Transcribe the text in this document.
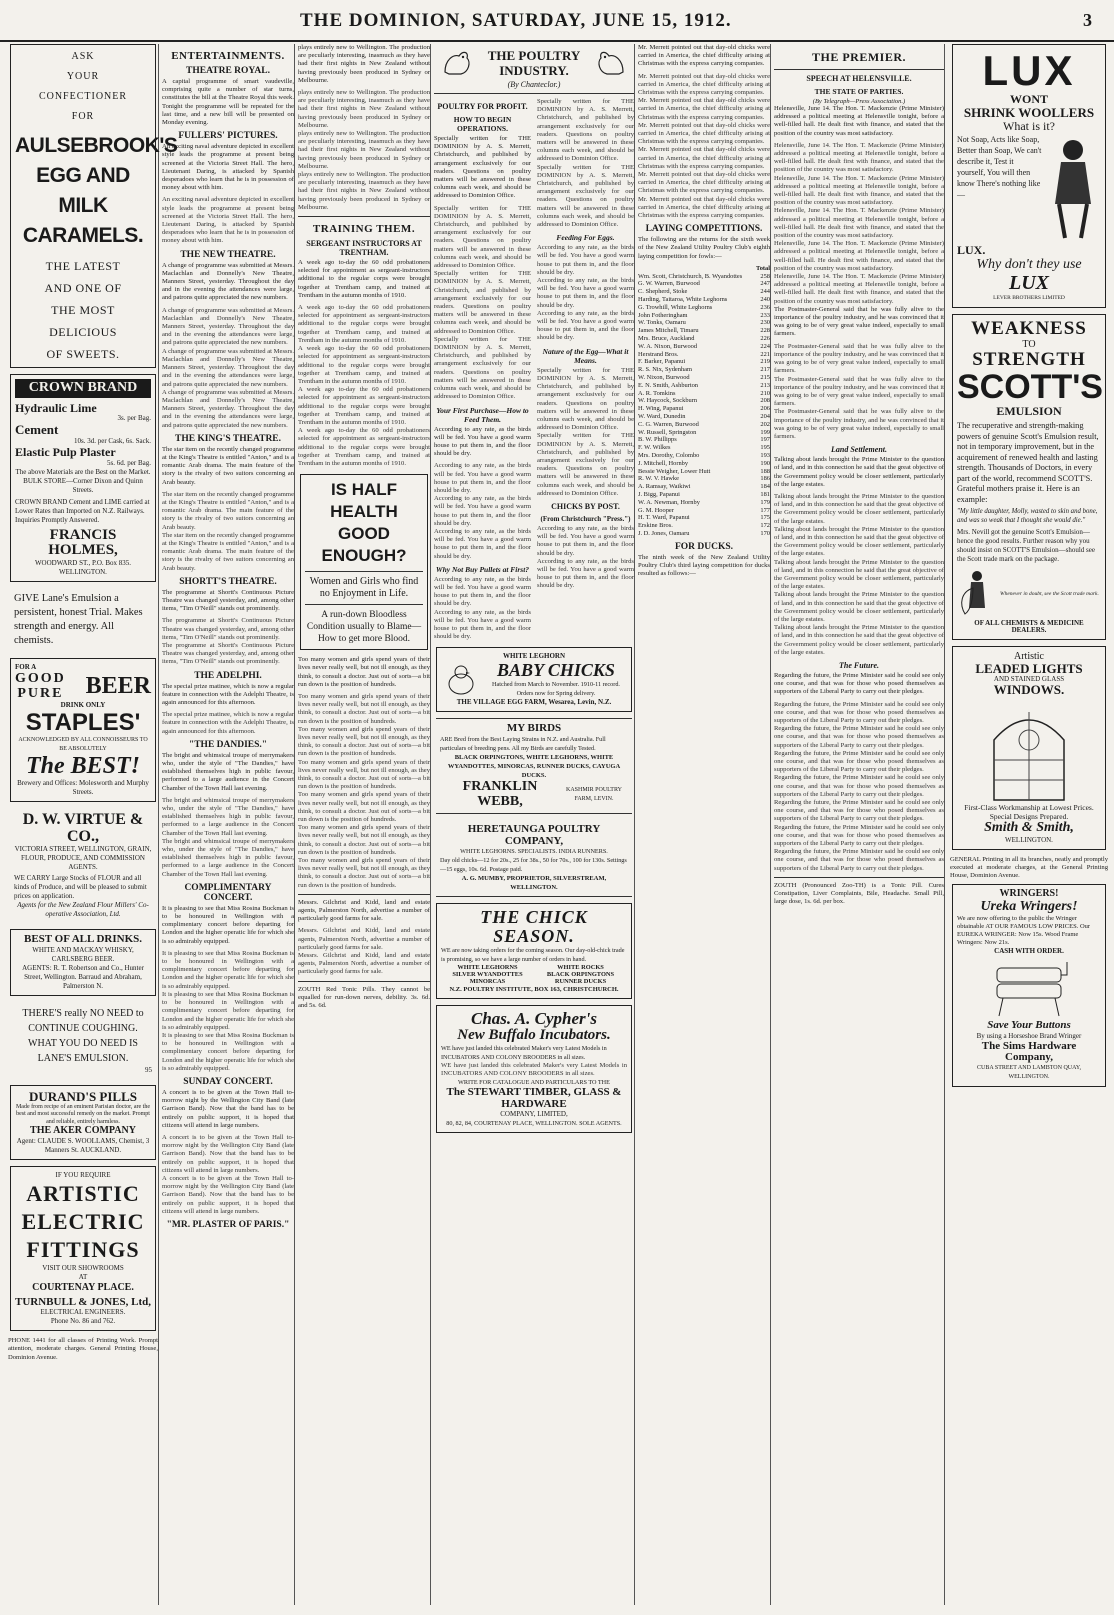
THE DOMINION, SATURDAY, JUNE 15, 1912.	3
ASK
YOUR
CONFECTIONER
FOR
AULSEBROOK'S
EGG AND MILK
CARAMELS.
THE LATEST
AND ONE OF
THE MOST
DELICIOUS
OF SWEETS.
CROWN BRAND
Hydraulic Lime
3s. per Bag.
Cement
10s. 3d. per Cask, 6s. Sack.
Elastic Pulp Plaster
5s. 6d. per Bag.
The above Materials are the Best on the Market.
BULK STORE—Corner Dixon and Quinn Streets.
CROWN BRAND Cement and LIME carried at Lower Rates than Imported on N.Z. Railways. Inquiries Promptly Answered.
FRANCIS HOLMES,
WOODWARD ST., P.O. Box 835. WELLINGTON.
GIVE Lane's Emulsion a persistent, honest Trial. Makes strength and energy. All chemists.
FOR A
GOOD
PURE BEER
DRINK ONLY
STAPLES'
ACKNOWLEDGED BY ALL CONNOISSEURS TO BE ABSOLUTELY
The BEST!
Brewery and Offices: Molesworth and Murphy Streets.
D. W. VIRTUE & CO.,
VICTORIA STREET, WELLINGTON, GRAIN, FLOUR, PRODUCE, AND COMMISSION AGENTS.
WE CARRY Large Stocks of FLOUR and all kinds of Produce, and will be pleased to submit prices on application.
Agents for the New Zealand Flour Millers' Co-operative Association, Ltd.
BEST OF ALL DRINKS.
WHITE AND MACKAY WHISKY,
CARLSBERG BEER.
AGENTS: R. T. Robertson and Co., Hunter Street, Wellington. Barraud and Abraham, Palmerston N.
THERE'S really NO NEED to
CONTINUE COUGHING.
WHAT YOU DO NEED IS
LANE'S EMULSION.
95
DURAND'S PILLS
Made from recipe of an eminent Parisian doctor, are the best and most successful remedy on the market. Prompt and reliable, entirely harmless.
THE AKER COMPANY
Agent: CLAUDE S. WOOLLAMS, Chemist, 3 Manners St. AUCKLAND.
IF YOU REQUIRE
ARTISTIC
ELECTRIC
FITTINGS
VISIT OUR SHOWROOMS
AT
COURTENAY PLACE.
TURNBULL & JONES, Ltd,
ELECTRICAL ENGINEERS.
Phone No. 86 and 762.
PHONE 1441 for all classes of Printing Work. Prompt attention, moderate charges. General Printing House, Dominion Avenue.
ENTERTAINMENTS.
THEATRE ROYAL.
A capital programme of smart vaudeville, comprising quite a number of star turns, constitutes the bill at the Theatre Royal this week. Tonight the programme will be repeated for the last time, and a new bill will be presented on Monday evening.
FULLERS' PICTURES.
An exciting naval adventure depicted in excellent style leads the programme at present being screened at the Victoria Street Hall. The hero, Lieutenant Daring, is attacked by Spanish desperadoes who learn that he is in possession of money about with him.
An exciting naval adventure depicted in excellent style leads the programme at present being screened at the Victoria Street Hall. The hero, Lieutenant Daring, is attacked by Spanish desperadoes who learn that he is in possession of money about with him.
THE NEW THEATRE.
A change of programme was submitted at Messrs. Maclachlan and Donnelly's New Theatre, Manners Street, yesterday. Throughout the day and in the evening the attendances were large, and patrons quite appreciated the new numbers.
A change of programme was submitted at Messrs. Maclachlan and Donnelly's New Theatre, Manners Street, yesterday. Throughout the day and in the evening the attendances were large, and patrons quite appreciated the new numbers.
A change of programme was submitted at Messrs. Maclachlan and Donnelly's New Theatre, Manners Street, yesterday. Throughout the day and in the evening the attendances were large, and patrons quite appreciated the new numbers.
A change of programme was submitted at Messrs. Maclachlan and Donnelly's New Theatre, Manners Street, yesterday. Throughout the day and in the evening the attendances were large, and patrons quite appreciated the new numbers.
THE KING'S THEATRE.
The star item on the recently changed programme at the King's Theatre is entitled "Anton," and is a romantic Arab drama. The main feature of the story is the rivalry of two suitors concerning an Arab beauty.
The star item on the recently changed programme at the King's Theatre is entitled "Anton," and is a romantic Arab drama. The main feature of the story is the rivalry of two suitors concerning an Arab beauty.
The star item on the recently changed programme at the King's Theatre is entitled "Anton," and is a romantic Arab drama. The main feature of the story is the rivalry of two suitors concerning an Arab beauty.
SHORTT'S THEATRE.
The programme at Shortt's Continuous Picture Theatre was changed yesterday, and, among other items, "Tim O'Neill" stands out prominently.
The programme at Shortt's Continuous Picture Theatre was changed yesterday, and, among other items, "Tim O'Neill" stands out prominently.
The programme at Shortt's Continuous Picture Theatre was changed yesterday, and, among other items, "Tim O'Neill" stands out prominently.
THE ADELPHI.
The special prize matinee, which is now a regular feature in connection with the Adelphi Theatre, is again announced for this afternoon.
The special prize matinee, which is now a regular feature in connection with the Adelphi Theatre, is again announced for this afternoon.
"THE DANDIES."
The bright and whimsical troupe of merrymakers who, under the style of "The Dandies," have established themselves high in public favour, performed to a large audience in the Concert Chamber of the Town Hall last evening.
The bright and whimsical troupe of merrymakers who, under the style of "The Dandies," have established themselves high in public favour, performed to a large audience in the Concert Chamber of the Town Hall last evening.
The bright and whimsical troupe of merrymakers who, under the style of "The Dandies," have established themselves high in public favour, performed to a large audience in the Concert Chamber of the Town Hall last evening.
COMPLIMENTARY CONCERT.
It is pleasing to see that Miss Rosina Buckman is to be honoured in Wellington with a complimentary concert before departing for London and the higher operatic life for which she is so admirably equipped.
It is pleasing to see that Miss Rosina Buckman is to be honoured in Wellington with a complimentary concert before departing for London and the higher operatic life for which she is so admirably equipped.
It is pleasing to see that Miss Rosina Buckman is to be honoured in Wellington with a complimentary concert before departing for London and the higher operatic life for which she is so admirably equipped.
It is pleasing to see that Miss Rosina Buckman is to be honoured in Wellington with a complimentary concert before departing for London and the higher operatic life for which she is so admirably equipped.
SUNDAY CONCERT.
A concert is to be given at the Town Hall to-morrow night by the Wellington City Band (late Garrison Band). Now that the band has to be entirely on public support, it is hoped that citizens will attend in large numbers.
A concert is to be given at the Town Hall to-morrow night by the Wellington City Band (late Garrison Band). Now that the band has to be entirely on public support, it is hoped that citizens will attend in large numbers.
A concert is to be given at the Town Hall to-morrow night by the Wellington City Band (late Garrison Band). Now that the band has to be entirely on public support, it is hoped that citizens will attend in large numbers.
"MR. PLASTER OF PARIS."
plays entirely new to Wellington. The production are peculiarly interesting, inasmuch as they have had their first nights in New Zealand without having previously been produced in Sydney or Melbourne.
plays entirely new to Wellington. The production are peculiarly interesting, inasmuch as they have had their first nights in New Zealand without having previously been produced in Sydney or Melbourne.
plays entirely new to Wellington. The production are peculiarly interesting, inasmuch as they have had their first nights in New Zealand without having previously been produced in Sydney or Melbourne.
plays entirely new to Wellington. The production are peculiarly interesting, inasmuch as they have had their first nights in New Zealand without having previously been produced in Sydney or Melbourne.
TRAINING THEM.
SERGEANT INSTRUCTORS AT TRENTHAM.
A week ago to-day the 60 odd probationers selected for appointment as sergeant-instructors additional to the regular corps were brought together at Trentham camp, and trained at Trentham in the autumn months of 1910.
A week ago to-day the 60 odd probationers selected for appointment as sergeant-instructors additional to the regular corps were brought together at Trentham camp, and trained at Trentham in the autumn months of 1910.
A week ago to-day the 60 odd probationers selected for appointment as sergeant-instructors additional to the regular corps were brought together at Trentham camp, and trained at Trentham in the autumn months of 1910.
A week ago to-day the 60 odd probationers selected for appointment as sergeant-instructors additional to the regular corps were brought together at Trentham camp, and trained at Trentham in the autumn months of 1910.
A week ago to-day the 60 odd probationers selected for appointment as sergeant-instructors additional to the regular corps were brought together at Trentham camp, and trained at Trentham in the autumn months of 1910.
IS HALF HEALTH
GOOD ENOUGH?
Women and Girls who find no Enjoyment in Life.
A run-down Bloodless Condition usually to Blame—How to get more Blood.
Too many women and girls spend years of their lives never really well, but not ill enough, as they think, to consult a doctor. Just out of sorts—a bit run down is the position of hundreds.
Too many women and girls spend years of their lives never really well, but not ill enough, as they think, to consult a doctor. Just out of sorts—a bit run down is the position of hundreds.
Too many women and girls spend years of their lives never really well, but not ill enough, as they think, to consult a doctor. Just out of sorts—a bit run down is the position of hundreds.
Too many women and girls spend years of their lives never really well, but not ill enough, as they think, to consult a doctor. Just out of sorts—a bit run down is the position of hundreds.
Too many women and girls spend years of their lives never really well, but not ill enough, as they think, to consult a doctor. Just out of sorts—a bit run down is the position of hundreds.
Too many women and girls spend years of their lives never really well, but not ill enough, as they think, to consult a doctor. Just out of sorts—a bit run down is the position of hundreds.
Too many women and girls spend years of their lives never really well, but not ill enough, as they think, to consult a doctor. Just out of sorts—a bit run down is the position of hundreds.
Messrs. Gilchrist and Kidd, land and estate agents, Palmerston North, advertise a number of particularly good farms for sale.
Messrs. Gilchrist and Kidd, land and estate agents, Palmerston North, advertise a number of particularly good farms for sale.
Messrs. Gilchrist and Kidd, land and estate agents, Palmerston North, advertise a number of particularly good farms for sale.
ZOUTH Red Tonic Pills. They cannot be equalled for run-down nerves, debility. 3s. 6d. and 5s. 6d.
THE POULTRY INDUSTRY.
(By Chanteclor.)
POULTRY FOR PROFIT.
HOW TO BEGIN OPERATIONS.
Specially written for THE DOMINION by A. S. Merrett, Christchurch, and published by arrangement exclusively for our readers. Questions on poultry matters will be answered in these columns each week, and should be addressed to Dominion Office.
Specially written for THE DOMINION by A. S. Merrett, Christchurch, and published by arrangement exclusively for our readers. Questions on poultry matters will be answered in these columns each week, and should be addressed to Dominion Office.
Specially written for THE DOMINION by A. S. Merrett, Christchurch, and published by arrangement exclusively for our readers. Questions on poultry matters will be answered in these columns each week, and should be addressed to Dominion Office.
Specially written for THE DOMINION by A. S. Merrett, Christchurch, and published by arrangement exclusively for our readers. Questions on poultry matters will be answered in these columns each week, and should be addressed to Dominion Office.
Your First Purchase—How to Feed Them.
According to any rate, as the birds will be fed. You have a good warm house to put them in, and the floor should be dry.
According to any rate, as the birds will be fed. You have a good warm house to put them in, and the floor should be dry.
According to any rate, as the birds will be fed. You have a good warm house to put them in, and the floor should be dry.
According to any rate, as the birds will be fed. You have a good warm house to put them in, and the floor should be dry.
Why Not Buy Pullets at First?
According to any rate, as the birds will be fed. You have a good warm house to put them in, and the floor should be dry.
According to any rate, as the birds will be fed. You have a good warm house to put them in, and the floor should be dry.
Specially written for THE DOMINION by A. S. Merrett, Christchurch, and published by arrangement exclusively for our readers. Questions on poultry matters will be answered in these columns each week, and should be addressed to Dominion Office.
Specially written for THE DOMINION by A. S. Merrett, Christchurch, and published by arrangement exclusively for our readers. Questions on poultry matters will be answered in these columns each week, and should be addressed to Dominion Office.
Feeding For Eggs.
According to any rate, as the birds will be fed. You have a good warm house to put them in, and the floor should be dry.
According to any rate, as the birds will be fed. You have a good warm house to put them in, and the floor should be dry.
According to any rate, as the birds will be fed. You have a good warm house to put them in, and the floor should be dry.
Nature of the Egg—What it Means.
Specially written for THE DOMINION by A. S. Merrett, Christchurch, and published by arrangement exclusively for our readers. Questions on poultry matters will be answered in these columns each week, and should be addressed to Dominion Office.
Specially written for THE DOMINION by A. S. Merrett, Christchurch, and published by arrangement exclusively for our readers. Questions on poultry matters will be answered in these columns each week, and should be addressed to Dominion Office.
CHICKS BY POST.
(From Christchurch "Press.")
According to any rate, as the birds will be fed. You have a good warm house to put them in, and the floor should be dry.
According to any rate, as the birds will be fed. You have a good warm house to put them in, and the floor should be dry.
WHITE LEGHORN
BABY CHICKS
Hatched from March to November. 1910-11 record. Orders now for Spring delivery.
THE VILLAGE EGG FARM, Wesarea, Levin, N.Z.
MY BIRDS
ARE Bred from the Best Laying Strains in N.Z. and Australia. Full particulars of breeding pens. All my Birds are carefully Tested.
BLACK ORPINGTONS, WHITE LEGHORNS, WHITE WYANDOTTES, MINORCAS, RUNNER DUCKS, CAYUGA DUCKS.
FRANKLIN WEBB,
KASHMIR POULTRY FARM, LEVIN.
HERETAUNGA POULTRY COMPANY,
WHITE LEGHORNS. SPECIALISTS. INDIA RUNNERS.
Day old chicks—12 for 20s., 25 for 38s., 50 for 70s., 100 for 130s. Settings—15 eggs, 10s. 6d. Postage paid.
A. G. MUMBY, PROPRIETOR, SILVERSTREAM, WELLINGTON.
THE CHICK SEASON.
WE are now taking orders for the coming season. Our day-old-chick trade is promising, so we have a large number of orders in hand.
WHITE LEGHORNS	WHITE ROCKS
SILVER WYANDOTTES	BLACK ORPINGTONS
MINORCAS	RUNNER DUCKS
N.Z. POULTRY INSTITUTE, BOX 163, CHRISTCHURCH.
Chas. A. Cypher's
New Buffalo Incubators.
WE have just landed this celebrated Maker's very Latest Models in INCUBATORS AND COLONY BROODERS in all sizes.
WE have just landed this celebrated Maker's very Latest Models in INCUBATORS AND COLONY BROODERS in all sizes.
WRITE FOR CATALOGUE AND PARTICULARS TO THE
The STEWART TIMBER, GLASS & HARDWARE
COMPANY, LIMITED,
80, 82, 84, COURTENAY PLACE, WELLINGTON. SOLE AGENTS.
Mr. Merrett pointed out that day-old chicks were carried in America, the chief difficulty arising at Christmas with the express carrying companies.
Mr. Merrett pointed out that day-old chicks were carried in America, the chief difficulty arising at Christmas with the express carrying companies.
Mr. Merrett pointed out that day-old chicks were carried in America, the chief difficulty arising at Christmas with the express carrying companies.
Mr. Merrett pointed out that day-old chicks were carried in America, the chief difficulty arising at Christmas with the express carrying companies.
Mr. Merrett pointed out that day-old chicks were carried in America, the chief difficulty arising at Christmas with the express carrying companies.
Mr. Merrett pointed out that day-old chicks were carried in America, the chief difficulty arising at Christmas with the express carrying companies.
Mr. Merrett pointed out that day-old chicks were carried in America, the chief difficulty arising at Christmas with the express carrying companies.
LAYING COMPETITIONS.
The following are the returns for the sixth week of the New Zealand Utility Poultry Club's eighth laying competition for fowls:—
Total
Wm. Scott, Christchurch, B. Wyandottes	258
G. W. Warren, Burwood	247
C. Shepherd, Stoke	244
Harding, Taitaroa, White Leghorns	240
G. Trowhill, White Leghorns	236
John Fotheringham	233
W. Tonks, Oamaru	230
James Mitchell, Timaru	228
Mrs. Bruce, Auckland	226
W. A. Nixon, Burwood	224
Herstrand Bros.	221
F. Barker, Papanui	219
R. S. Nix, Sydenham	217
W. Nixon, Burwood	215
E. N. Smith, Ashburton	213
A. R. Tomkins	210
W. Haycock, Sockburn	208
H. Wing, Papanui	206
W. Ward, Dunedin	204
C. G. Warren, Burwood	202
W. Russell, Springston	199
B. W. Phillipps	197
F. W. Wilkes	195
Mrs. Dorothy, Colombo	193
J. Mitchell, Hornby	190
Bessie Weigher, Lower Hutt	188
R. W. V. Hawke	186
A. Ramsay, Waikiwi	184
J. Bigg, Papanui	181
W. A. Newman, Hornby	179
G. M. Hooper	177
H. T. Ward, Papanui	175
Erskine Bros.	172
J. D. Jones, Oamaru	170
FOR DUCKS.
The ninth week of the New Zealand Utility Poultry Club's third laying competition for ducks resulted as follows:—
THE PREMIER.
SPEECH AT HELENSVILLE.
THE STATE OF PARTIES.
(By Telegraph—Press Association.)
Helensville, June 14. The Hon. T. Mackenzie (Prime Minister) addressed a political meeting at Helensville tonight, before a well-filled hall. He dealt first with finance, and stated that the position of the country was most satisfactory.
Helensville, June 14. The Hon. T. Mackenzie (Prime Minister) addressed a political meeting at Helensville tonight, before a well-filled hall. He dealt first with finance, and stated that the position of the country was most satisfactory.
Helensville, June 14. The Hon. T. Mackenzie (Prime Minister) addressed a political meeting at Helensville tonight, before a well-filled hall. He dealt first with finance, and stated that the position of the country was most satisfactory.
Helensville, June 14. The Hon. T. Mackenzie (Prime Minister) addressed a political meeting at Helensville tonight, before a well-filled hall. He dealt first with finance, and stated that the position of the country was most satisfactory.
Helensville, June 14. The Hon. T. Mackenzie (Prime Minister) addressed a political meeting at Helensville tonight, before a well-filled hall. He dealt first with finance, and stated that the position of the country was most satisfactory.
Helensville, June 14. The Hon. T. Mackenzie (Prime Minister) addressed a political meeting at Helensville tonight, before a well-filled hall. He dealt first with finance, and stated that the position of the country was most satisfactory.
The Postmaster-General said that he was fully alive to the importance of the poultry industry, and he was convinced that it was going to be of very great value indeed, especially to small farmers.
The Postmaster-General said that he was fully alive to the importance of the poultry industry, and he was convinced that it was going to be of very great value indeed, especially to small farmers.
The Postmaster-General said that he was fully alive to the importance of the poultry industry, and he was convinced that it was going to be of very great value indeed, especially to small farmers.
The Postmaster-General said that he was fully alive to the importance of the poultry industry, and he was convinced that it was going to be of very great value indeed, especially to small farmers.
Land Settlement.
Talking about lands brought the Prime Minister to the question of land, and in this connection he said that the great objective of the Government policy would be closer settlement, particularly of the large estates.
Talking about lands brought the Prime Minister to the question of land, and in this connection he said that the great objective of the Government policy would be closer settlement, particularly of the large estates.
Talking about lands brought the Prime Minister to the question of land, and in this connection he said that the great objective of the Government policy would be closer settlement, particularly of the large estates.
Talking about lands brought the Prime Minister to the question of land, and in this connection he said that the great objective of the Government policy would be closer settlement, particularly of the large estates.
Talking about lands brought the Prime Minister to the question of land, and in this connection he said that the great objective of the Government policy would be closer settlement, particularly of the large estates.
Talking about lands brought the Prime Minister to the question of land, and in this connection he said that the great objective of the Government policy would be closer settlement, particularly of the large estates.
The Future.
Regarding the future, the Prime Minister said he could see only one course, and that was for those who posed themselves as supporters of the Liberal Party to carry out their pledges.
Regarding the future, the Prime Minister said he could see only one course, and that was for those who posed themselves as supporters of the Liberal Party to carry out their pledges.
Regarding the future, the Prime Minister said he could see only one course, and that was for those who posed themselves as supporters of the Liberal Party to carry out their pledges.
Regarding the future, the Prime Minister said he could see only one course, and that was for those who posed themselves as supporters of the Liberal Party to carry out their pledges.
Regarding the future, the Prime Minister said he could see only one course, and that was for those who posed themselves as supporters of the Liberal Party to carry out their pledges.
Regarding the future, the Prime Minister said he could see only one course, and that was for those who posed themselves as supporters of the Liberal Party to carry out their pledges.
Regarding the future, the Prime Minister said he could see only one course, and that was for those who posed themselves as supporters of the Liberal Party to carry out their pledges.
Regarding the future, the Prime Minister said he could see only one course, and that was for those who posed themselves as supporters of the Liberal Party to carry out their pledges.
ZOUTH (Pronounced Zoo-TH) is a Tonic Pill. Cures Constipation, Liver Complaints, Bile, Headache. Small Pill, large dose, 1s. 6d. per box.
LUX
WONT
SHRINK WOOLLERS
What is it?
Not Soap, Acts like Soap, Better than Soap, We can't describe it, Test it yourself, You will then know There's nothing like—
LUX.
Why don't they use
LUX
LEVER BROTHERS LIMITED
WEAKNESS
TO
STRENGTH
SCOTT'S
EMULSION
The recuperative and strength-making powers of genuine Scott's Emulsion result, not in temporary improvement, but in the acquirement of renewed health and lasting strength. Thousands of Doctors, in every part of the world, recommend SCOTT'S. Grateful mothers praise it. Here is an example:
"My little daughter, Molly, wasted to skin and bone, and was so weak that I thought she would die."
Mrs. Nevill got the genuine Scott's Emulsion—hence the good results. Further reason why you should insist on SCOTT'S Emulsion—should see the Scott trade mark on the package.
Whenever in doubt, see the Scott trade mark.
OF ALL CHEMISTS & MEDICINE DEALERS.
Artistic
LEADED LIGHTS
AND STAINED GLASS
WINDOWS.
First-Class Workmanship at Lowest Prices.
Special Designs Prepared.
Smith & Smith,
WELLINGTON.
GENERAL Printing in all its branches, neatly and promptly executed at moderate charges, at the General Printing House, Dominion Avenue.
WRINGERS!
Ureka Wringers!
We are now offering to the public the Wringer obtainable AT OUR FAMOUS LOW PRICES. Our EUREKA WRINGER: Now 15s. Wood Frame Wringers: Now 21s.
CASH WITH ORDER.
Save Your Buttons
By using a Horseshoe Brand Wringer
The Sims Hardware Company,
CUBA STREET AND LAMBTON QUAY, WELLINGTON.
